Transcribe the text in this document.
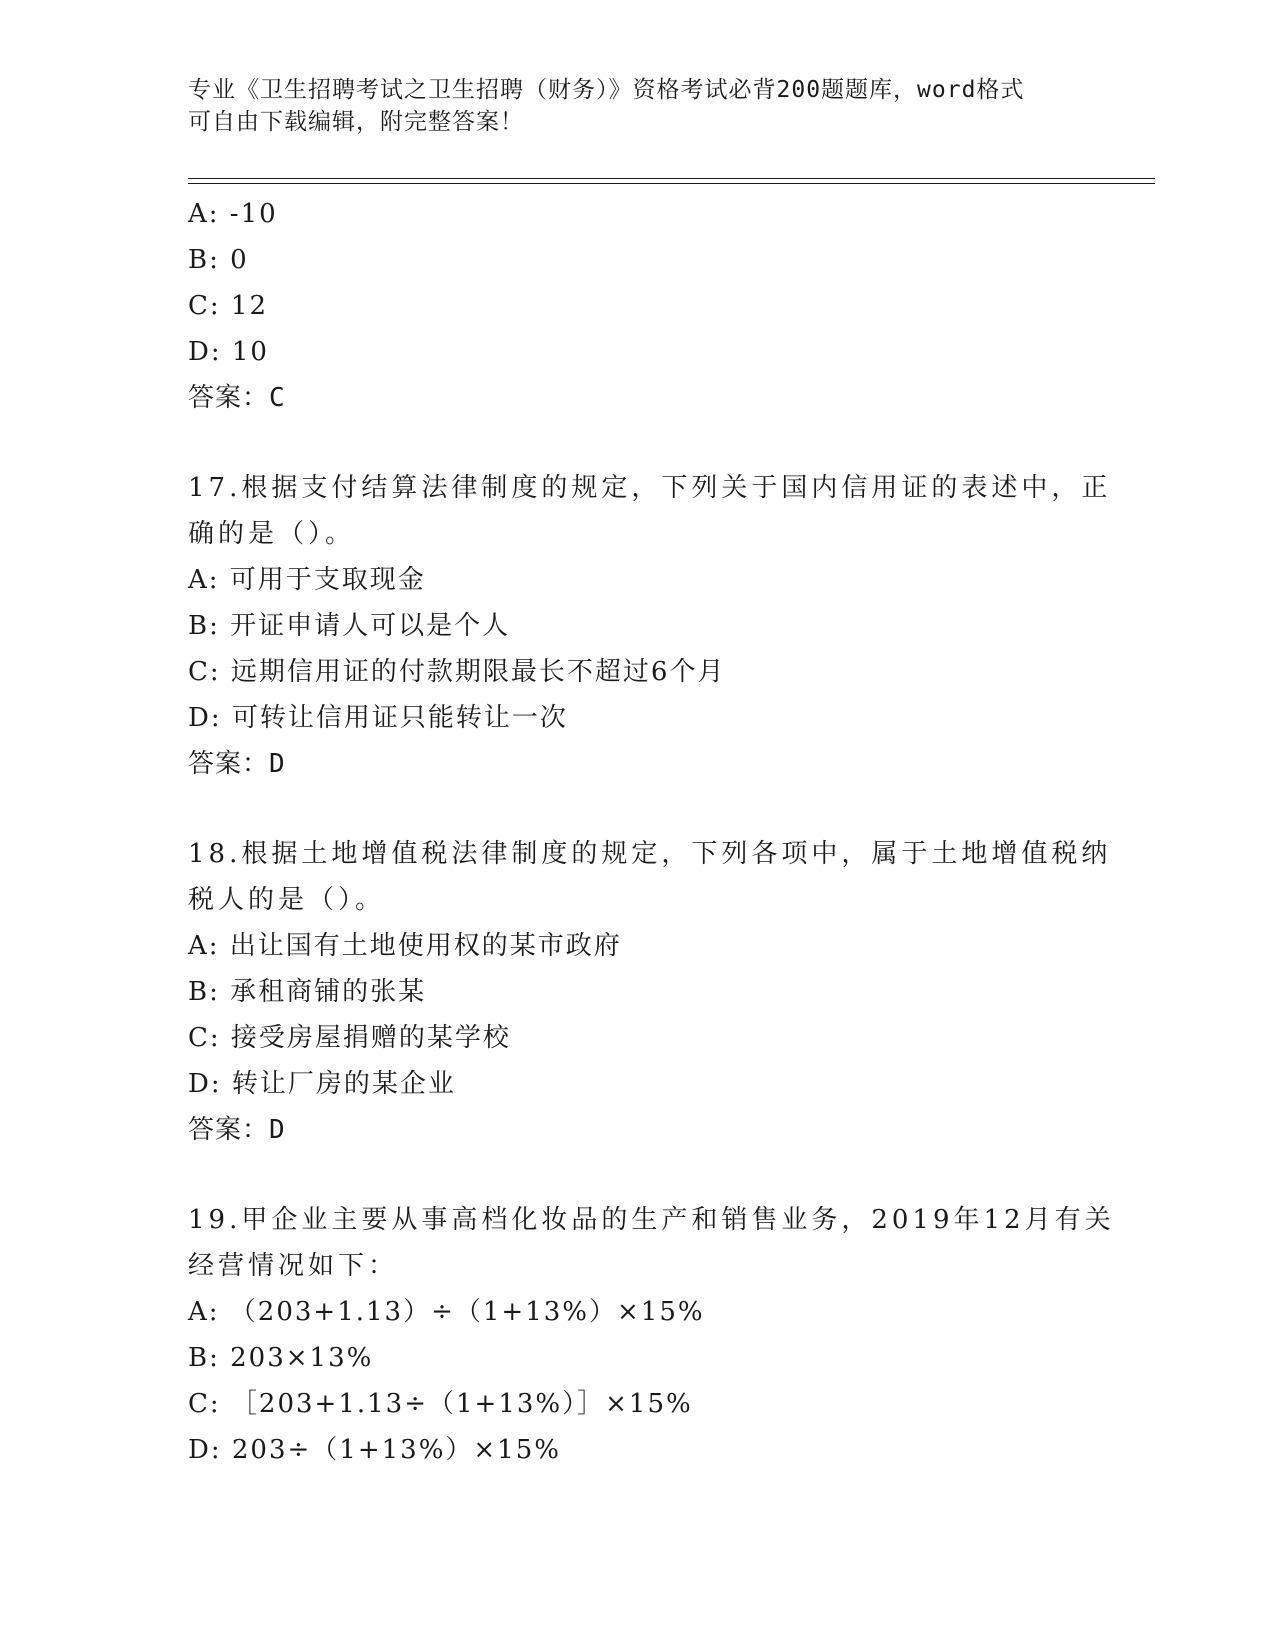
专业《卫生招聘考试之卫生招聘（财务）》资格考试必背200题题库，word格式
可自由下载编辑，附完整答案！
A: -10
B: 0
C: 12
D: 10
答案：C
17.根据支付结算法律制度的规定，下列关于国内信用证的表述中，正
确的是（）。
A: 可用于支取现金
B: 开证申请人可以是个人
C: 远期信用证的付款期限最长不超过6个月
D: 可转让信用证只能转让一次
答案：D
18.根据土地增值税法律制度的规定，下列各项中，属于土地增值税纳
税人的是（）。
A: 出让国有土地使用权的某市政府
B: 承租商铺的张某
C: 接受房屋捐赠的某学校
D: 转让厂房的某企业
答案：D
19.甲企业主要从事高档化妆品的生产和销售业务，2019年12月有关
经营情况如下：
A: （203+1.13）÷（1+13%）×15%
B: 203×13%
C: ［203+1.13÷（1+13%）］×15%
D: 203÷（1+13%）×15%
